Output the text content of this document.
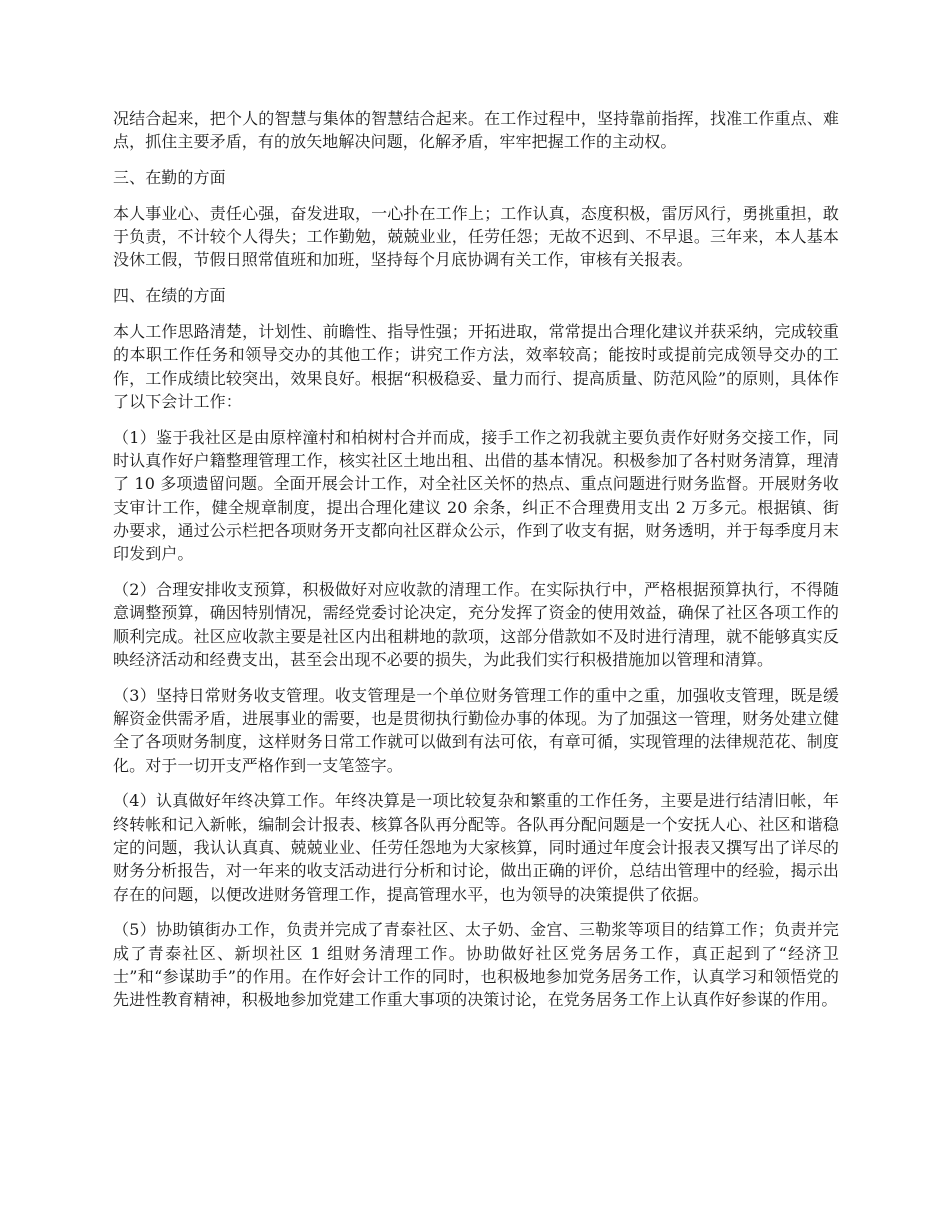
况结合起来，把个人的智慧与集体的智慧结合起来。在工作过程中，坚持靠前指挥，找准工作重点、难点，抓住主要矛盾，有的放矢地解决问题，化解矛盾，牢牢把握工作的主动权。

三、在勤的方面

本人事业心、责任心强，奋发进取，一心扑在工作上；工作认真，态度积极，雷厉风行，勇挑重担，敢于负责，不计较个人得失；工作勤勉，兢兢业业，任劳任怨；无故不迟到、不早退。三年来，本人基本没休工假，节假日照常值班和加班，坚持每个月底协调有关工作，审核有关报表。

四、在绩的方面

本人工作思路清楚，计划性、前瞻性、指导性强；开拓进取，常常提出合理化建议并获采纳，完成较重的本职工作任务和领导交办的其他工作；讲究工作方法，效率较高；能按时或提前完成领导交办的工作，工作成绩比较突出，效果良好。根据“积极稳妥、量力而行、提高质量、防范风险”的原则，具体作了以下会计工作：

（1）鉴于我社区是由原梓潼村和柏树村合并而成，接手工作之初我就主要负责作好财务交接工作，同时认真作好户籍整理管理工作，核实社区土地出租、出借的基本情况。积极参加了各村财务清算，理清了 10 多项遗留问题。全面开展会计工作，对全社区关怀的热点、重点问题进行财务监督。开展财务收支审计工作，健全规章制度，提出合理化建议 20 余条，纠正不合理费用支出 2 万多元。根据镇、街办要求，通过公示栏把各项财务开支都向社区群众公示，作到了收支有据，财务透明，并于每季度月末印发到户。

（2）合理安排收支预算，积极做好对应收款的清理工作。在实际执行中，严格根据预算执行，不得随意调整预算，确因特别情况，需经党委讨论决定，充分发挥了资金的使用效益，确保了社区各项工作的顺利完成。社区应收款主要是社区内出租耕地的款项，这部分借款如不及时进行清理，就不能够真实反映经济活动和经费支出，甚至会出现不必要的损失，为此我们实行积极措施加以管理和清算。

（3）坚持日常财务收支管理。收支管理是一个单位财务管理工作的重中之重，加强收支管理，既是缓解资金供需矛盾，进展事业的需要，也是贯彻执行勤俭办事的体现。为了加强这一管理，财务处建立健全了各项财务制度，这样财务日常工作就可以做到有法可依，有章可循，实现管理的法律规范花、制度化。对于一切开支严格作到一支笔签字。

（4）认真做好年终决算工作。年终决算是一项比较复杂和繁重的工作任务，主要是进行结清旧帐，年终转帐和记入新帐，编制会计报表、核算各队再分配等。各队再分配问题是一个安抚人心、社区和谐稳定的问题，我认认真真、兢兢业业、任劳任怨地为大家核算，同时通过年度会计报表又撰写出了详尽的财务分析报告，对一年来的收支活动进行分析和讨论，做出正确的评价，总结出管理中的经验，揭示出存在的问题，以便改进财务管理工作，提高管理水平，也为领导的决策提供了依据。

（5）协助镇街办工作，负责并完成了青泰社区、太子奶、金宫、三勒浆等项目的结算工作；负责并完成了青泰社区、新坝社区 1 组财务清理工作。协助做好社区党务居务工作，真正起到了“经济卫士”和“参谋助手”的作用。在作好会计工作的同时，也积极地参加党务居务工作，认真学习和领悟党的先进性教育精神，积极地参加党建工作重大事项的决策讨论，在党务居务工作上认真作好参谋的作用。
